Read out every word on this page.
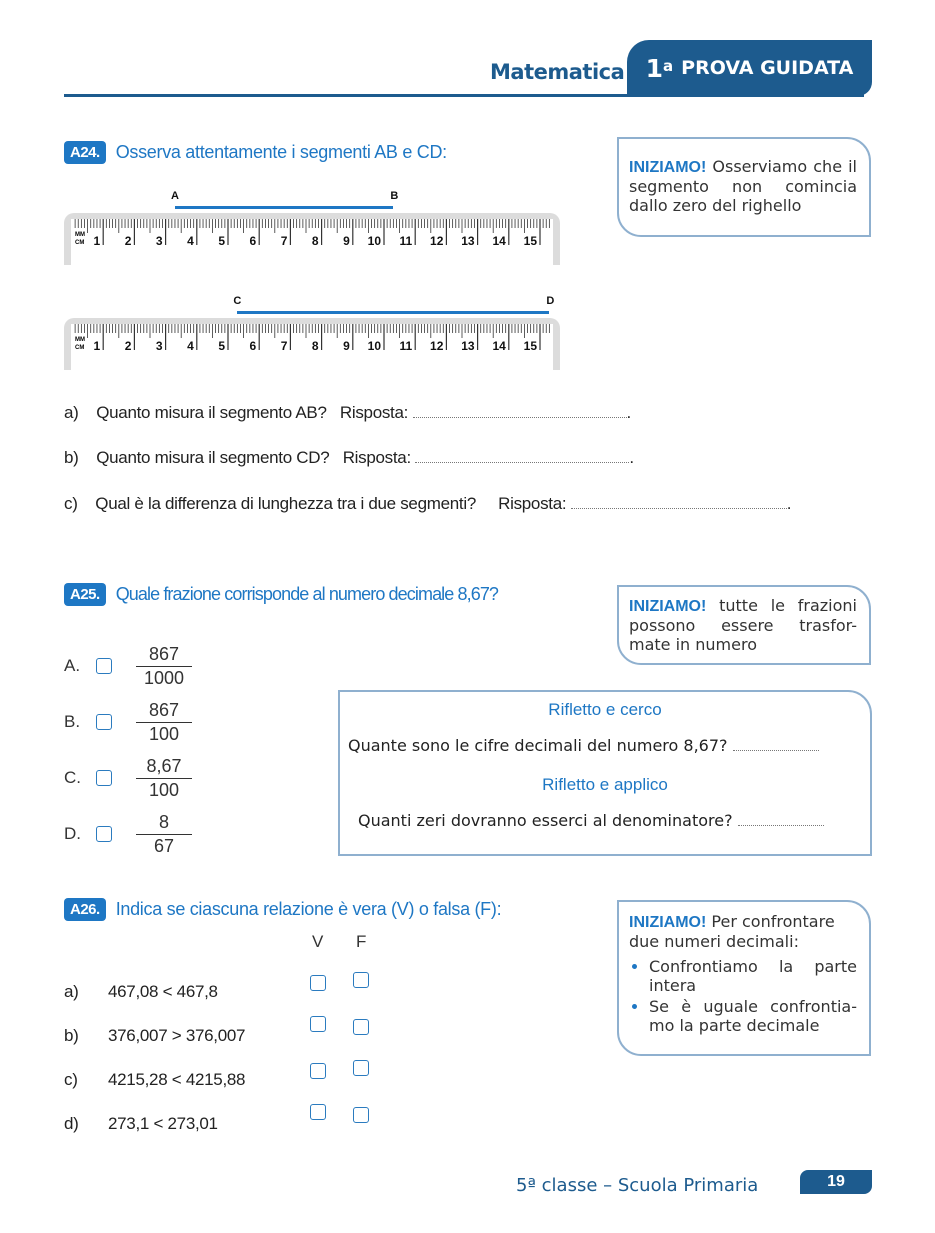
Matematica 1$^a$ PROVA GUIDATA
A24. Osserva attentamente i segmenti AB e CD:
INIZIAMO! Osserviamo che il segmento non comincia dallo zero del righello
A	B
1 2 3 4 5 6 7 8 9 10 11 12 13 14 15
MM
CM
C	D
1 2 3 4 5 6 7 8 9 10 11 12 13 14 15
MM
CM
a) Quanto misura il segmento AB? Risposta:	.
b) Quanto misura il segmento CD? Risposta:	.
c) Qual è la differenza di lunghezza tra i due segmenti? Risposta:	.
A25. Quale frazione corrisponde al numero decimale 8,67?
INIZIAMO! tutte le frazioni possono essere trasfor- mate in numero
A.	$\frac{867}{1000}$
B.	$\frac{867}{100}$
C.	$\frac{8,67}{100}$
D.	$\frac{8}{67}$
Rifletto e cerco
Quante sono le cifre decimali del numero 8,67?
Rifletto e applico
Quanti zeri dovranno esserci al denominatore?
A26. Indica se ciascuna relazione è vera (V) o falsa (F):
V F
a)	467,08 < 467,8
b)	376,007 > 376,007
c)	4215,28 < 4215,88
d)	273,1 < 273,01
INIZIAMO! Per confrontare due numeri decimali:
• Confrontiamo la parte intera
• Se è uguale confrontia- mo la parte decimale
5ª classe – Scuola Primaria	19
